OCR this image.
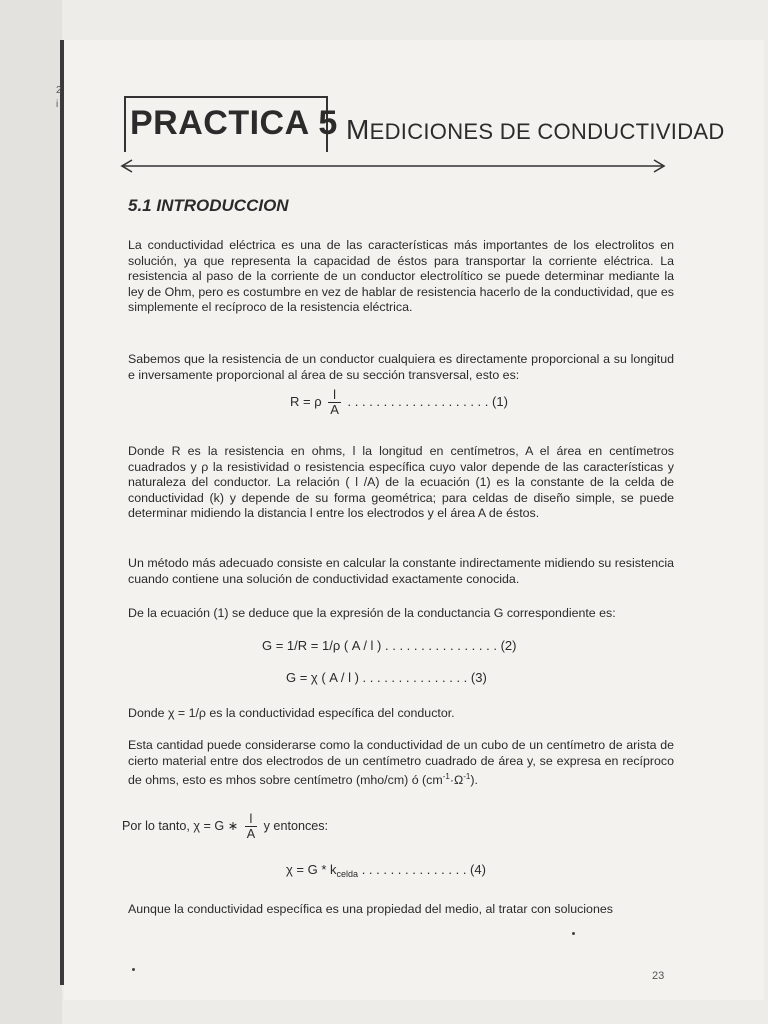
2
i PRACTICA 5 MEDICIONES DE CONDUCTIVIDAD
5.1 INTRODUCCION
La conductividad eléctrica es una de las características más importantes de los electrolitos en solución, ya que representa la capacidad de éstos para transportar la corriente eléctrica. La resistencia al paso de la corriente de un conductor electrolítico se puede determinar mediante la ley de Ohm, pero es costumbre en vez de hablar de resistencia hacerlo de la conductividad, que es simplemente el recíproco de la resistencia eléctrica.
Sabemos que la resistencia de un conductor cualquiera es directamente proporcional a su longitud e inversamente proporcional al área de su sección transversal, esto es:
R = ρ $\frac{l}{A}$ . . . . . . . . . . . . . . . . . . . . (1)
Donde R es la resistencia en ohms, l la longitud en centímetros, A el área en centímetros cuadrados y ρ la resistividad o resistencia específica cuyo valor depende de las características y naturaleza del conductor. La relación ( l /A) de la ecuación (1) es la constante de la celda de conductividad (k) y depende de su forma geométrica; para celdas de diseño simple, se puede determinar midiendo la distancia l entre los electrodos y el área A de éstos.
Un método más adecuado consiste en calcular la constante indirectamente midiendo su resistencia cuando contiene una solución de conductividad exactamente conocida.
De la ecuación (1) se deduce que la expresión de la conductancia G correspondiente es:
G = 1/R = 1/ρ ( A / l ) . . . . . . . . . . . . . . . . (2)
G = χ ( A / l ) . . . . . . . . . . . . . . . (3)
Donde χ = 1/ρ es la conductividad específica del conductor.
Esta cantidad puede considerarse como la conductividad de un cubo de un centímetro de arista de cierto material entre dos electrodos de un centímetro cuadrado de área y, se expresa en recíproco de ohms, esto es mhos sobre centímetro (mho/cm) ó $(cm^{-1}\cdot\Omega^{-1})$.
Por lo tanto, χ = G ∗ $\frac{l}{A}$ y entonces:
$\chi = G * k_{celda}$ . . . . . . . . . . . . . . . (4)
Aunque la conductividad específica es una propiedad del medio, al tratar con soluciones
23
